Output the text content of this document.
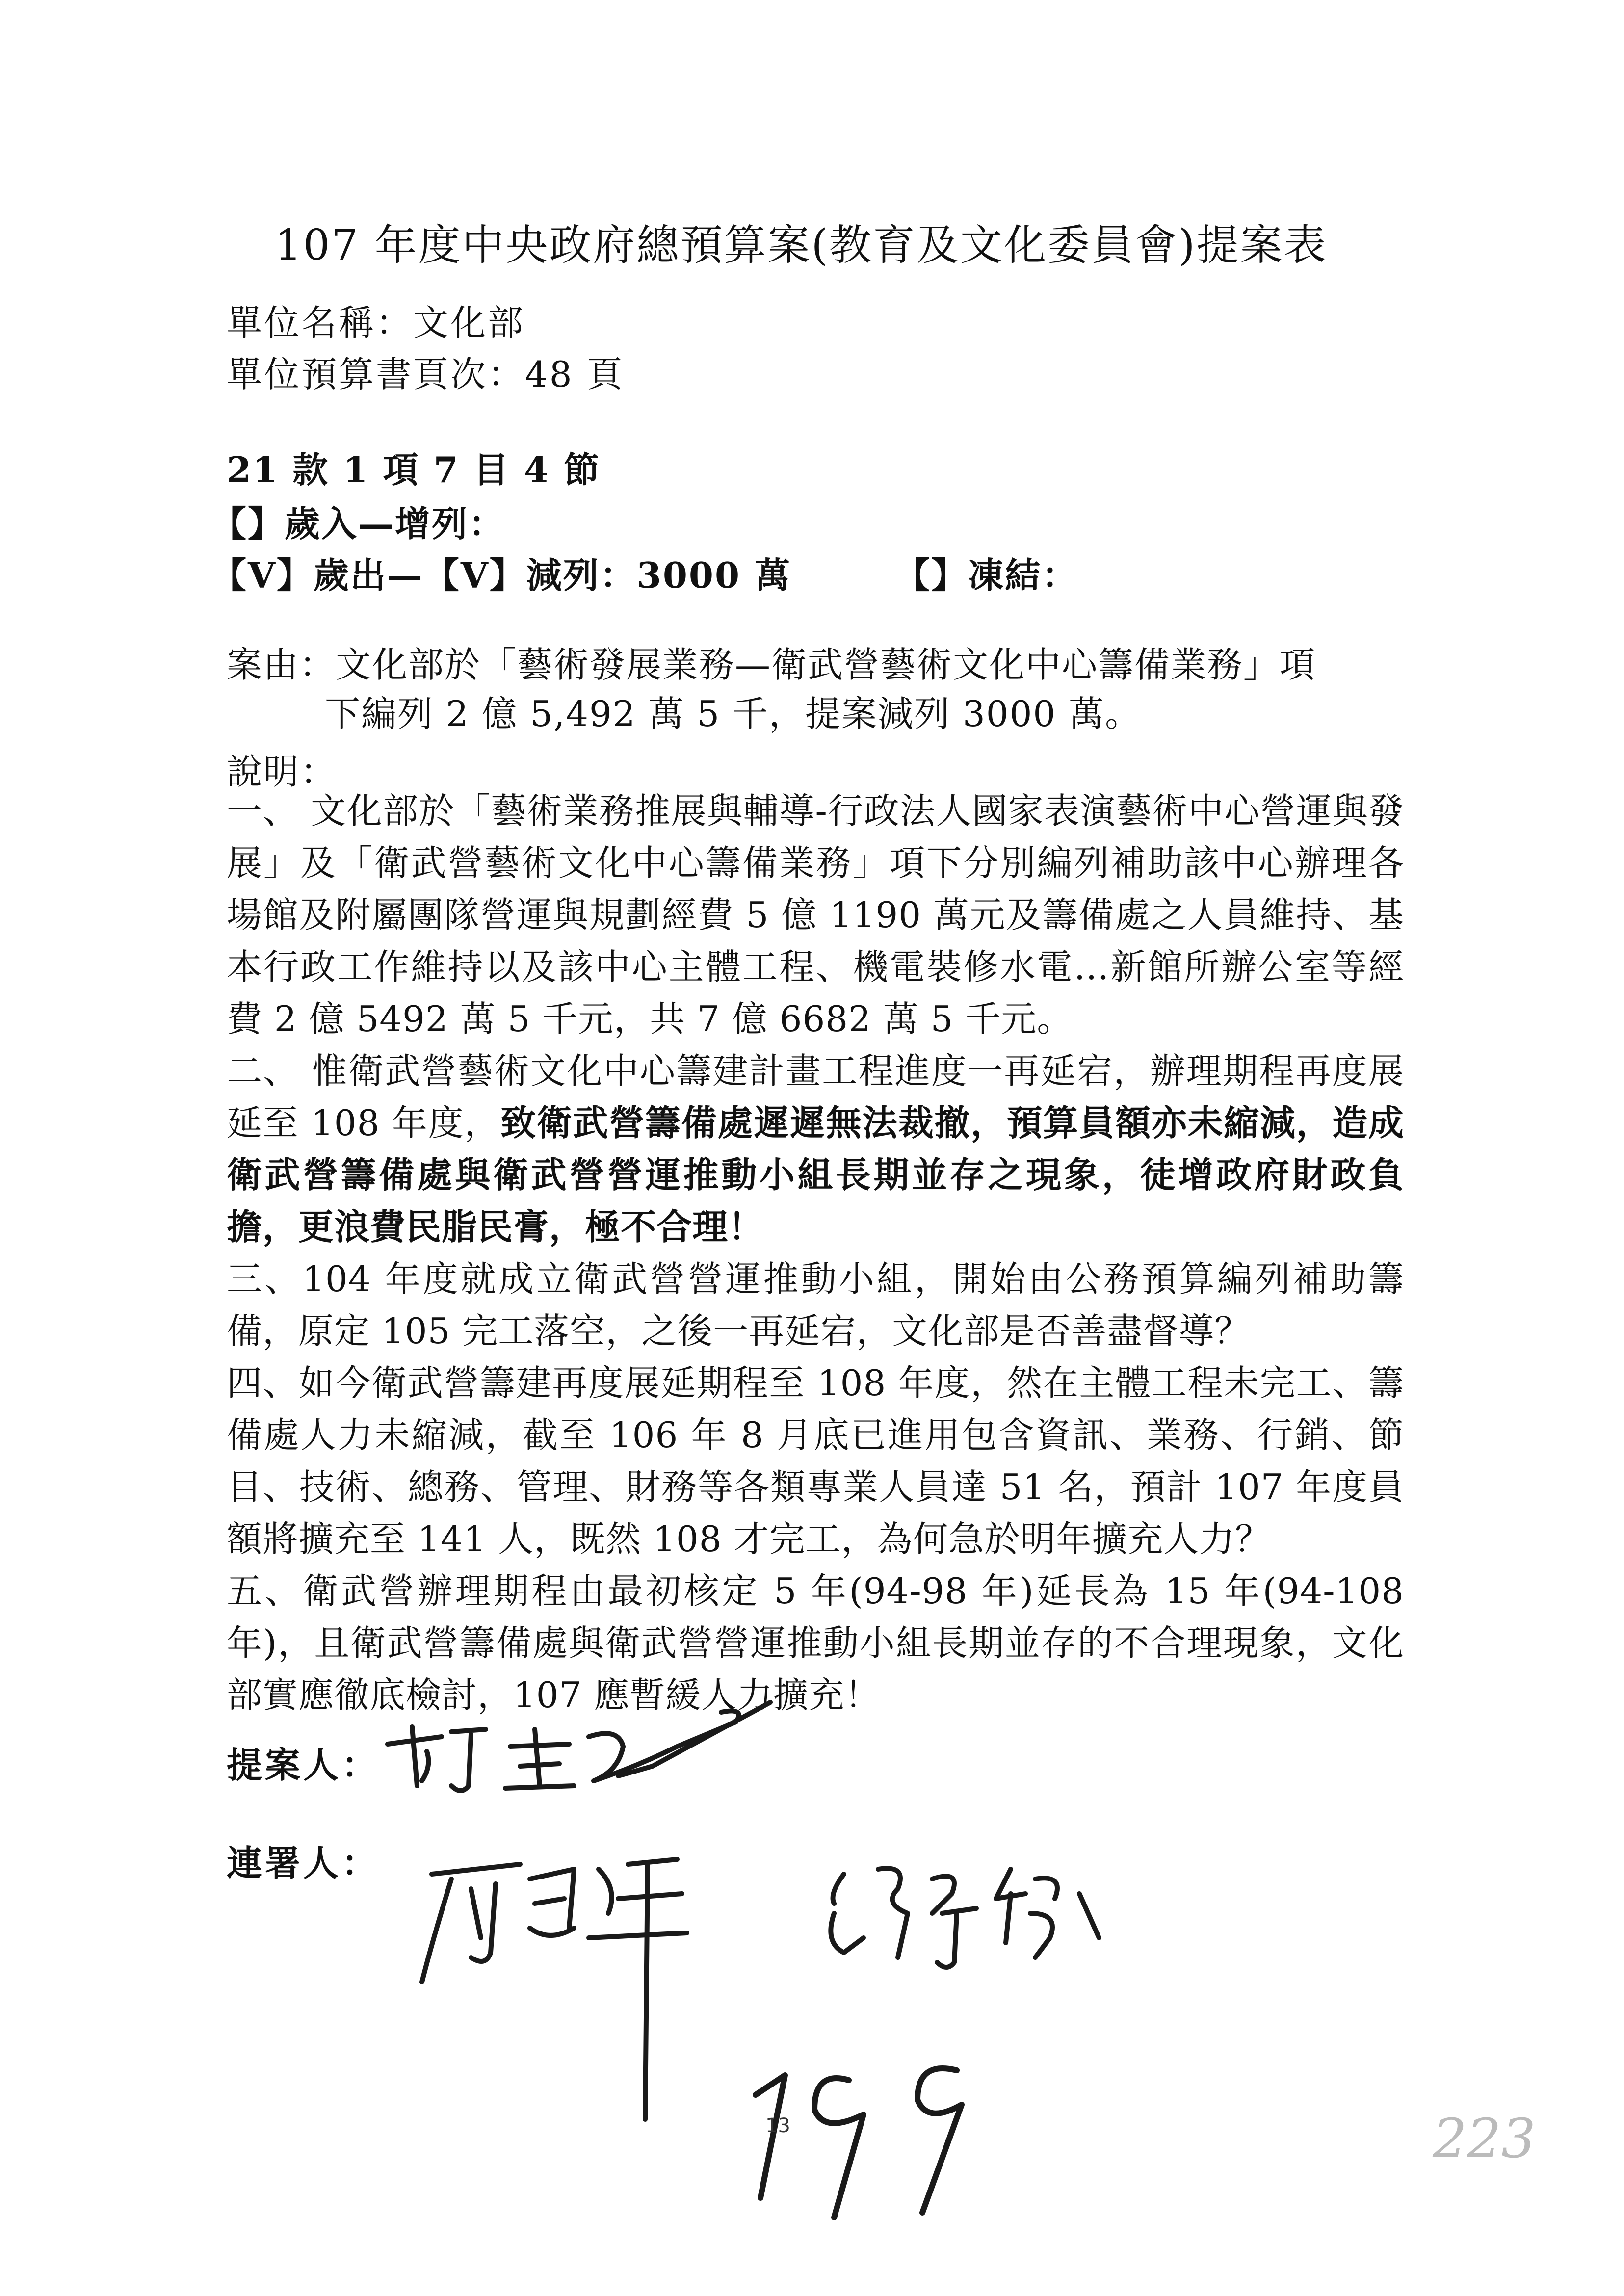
107 年度中央政府總預算案(教育及文化委員會)提案表
單位名稱：文化部
單位預算書頁次：48 頁
21 款 1 項 7 目 4 節
【】歲入—增列：
【V】歲出—【V】減列：3000 萬	【】凍結：
案由：文化部於「藝術發展業務—衛武營藝術文化中心籌備業務」項
下編列 2 億 5,492 萬 5 千，提案減列 3000 萬。
說明：

一、 文化部於「藝術業務推展與輔導-行政法人國家表演藝術中心營運與發展」及「衛武營藝術文化中心籌備業務」項下分別編列補助該中心辦理各場館及附屬團隊營運與規劃經費 5 億 1190 萬元及籌備處之人員維持、基本行政工作維持以及該中心主體工程、機電裝修水電…新館所辦公室等經費 2 億 5492 萬 5 千元，共 7 億 6682 萬 5 千元。

二、 惟衛武營藝術文化中心籌建計畫工程進度一再延宕，辦理期程再度展延至 108 年度，致衛武營籌備處遲遲無法裁撤，預算員額亦未縮減，造成衛武營籌備處與衛武營營運推動小組長期並存之現象，徒增政府財政負擔，更浪費民脂民膏，極不合理！

三、104 年度就成立衛武營營運推動小組，開始由公務預算編列補助籌備，原定 105 完工落空，之後一再延宕，文化部是否善盡督導？

四、如今衛武營籌建再度展延期程至 108 年度，然在主體工程未完工、籌備處人力未縮減，截至 106 年 8 月底已進用包含資訊、業務、行銷、節目、技術、總務、管理、財務等各類專業人員達 51 名，預計 107 年度員額將擴充至 141 人，既然 108 才完工，為何急於明年擴充人力？

五、衛武營辦理期程由最初核定 5 年(94-98 年)延長為 15 年(94-108 年)，且衛武營籌備處與衛武營營運推動小組長期並存的不合理現象，文化部實應徹底檢討，107 應暫緩人力擴充！

提案人：
連署人：
13	223
